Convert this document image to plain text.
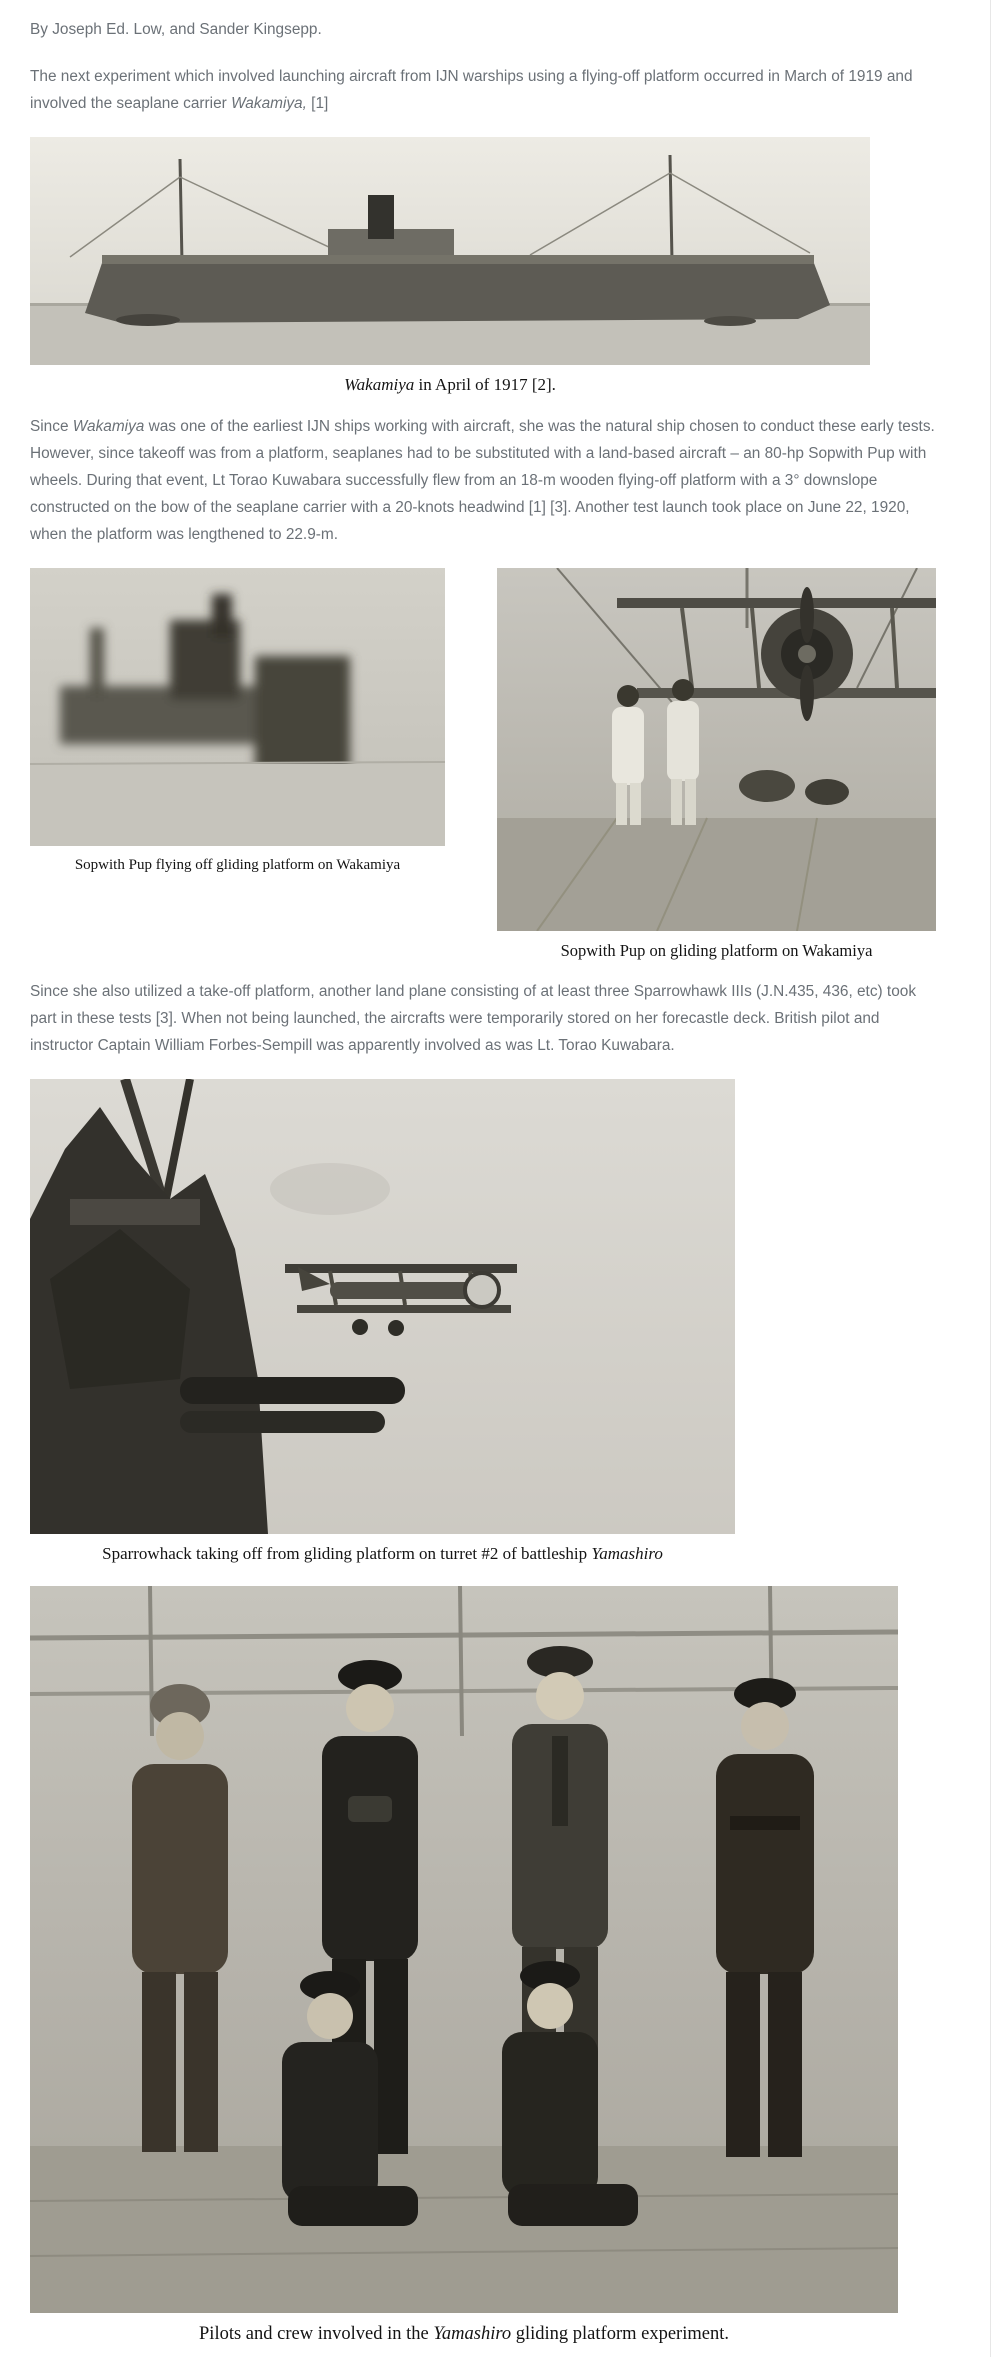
By Joseph Ed. Low, and Sander Kingsepp.

The next experiment which involved launching aircraft from IJN warships using a flying-off platform occurred in March of 1919 and involved the seaplane carrier Wakamiya, [1]

Wakamiya in April of 1917 [2].

Since Wakamiya was one of the earliest IJN ships working with aircraft, she was the natural ship chosen to conduct these early tests. However, since takeoff was from a platform, seaplanes had to be substituted with a land-based aircraft – an 80-hp Sopwith Pup with wheels. During that event, Lt Torao Kuwabara successfully flew from an 18-m wooden flying-off platform with a 3° downslope constructed on the bow of the seaplane carrier with a 20-knots headwind [1] [3]. Another test launch took place on June 22, 1920, when the platform was lengthened to 22.9-m.

Sopwith Pup flying off gliding platform on Wakamiya
Sopwith Pup on gliding platform on Wakamiya

Since she also utilized a take-off platform, another land plane consisting of at least three Sparrowhawk IIIs (J.N.435, 436, etc) took part in these tests [3]. When not being launched, the aircrafts were temporarily stored on her forecastle deck. British pilot and instructor Captain William Forbes-Sempill was apparently involved as was Lt. Torao Kuwabara.

Sparrowhack taking off from gliding platform on turret #2 of battleship Yamashiro
Pilots and crew involved in the Yamashiro gliding platform experiment.
